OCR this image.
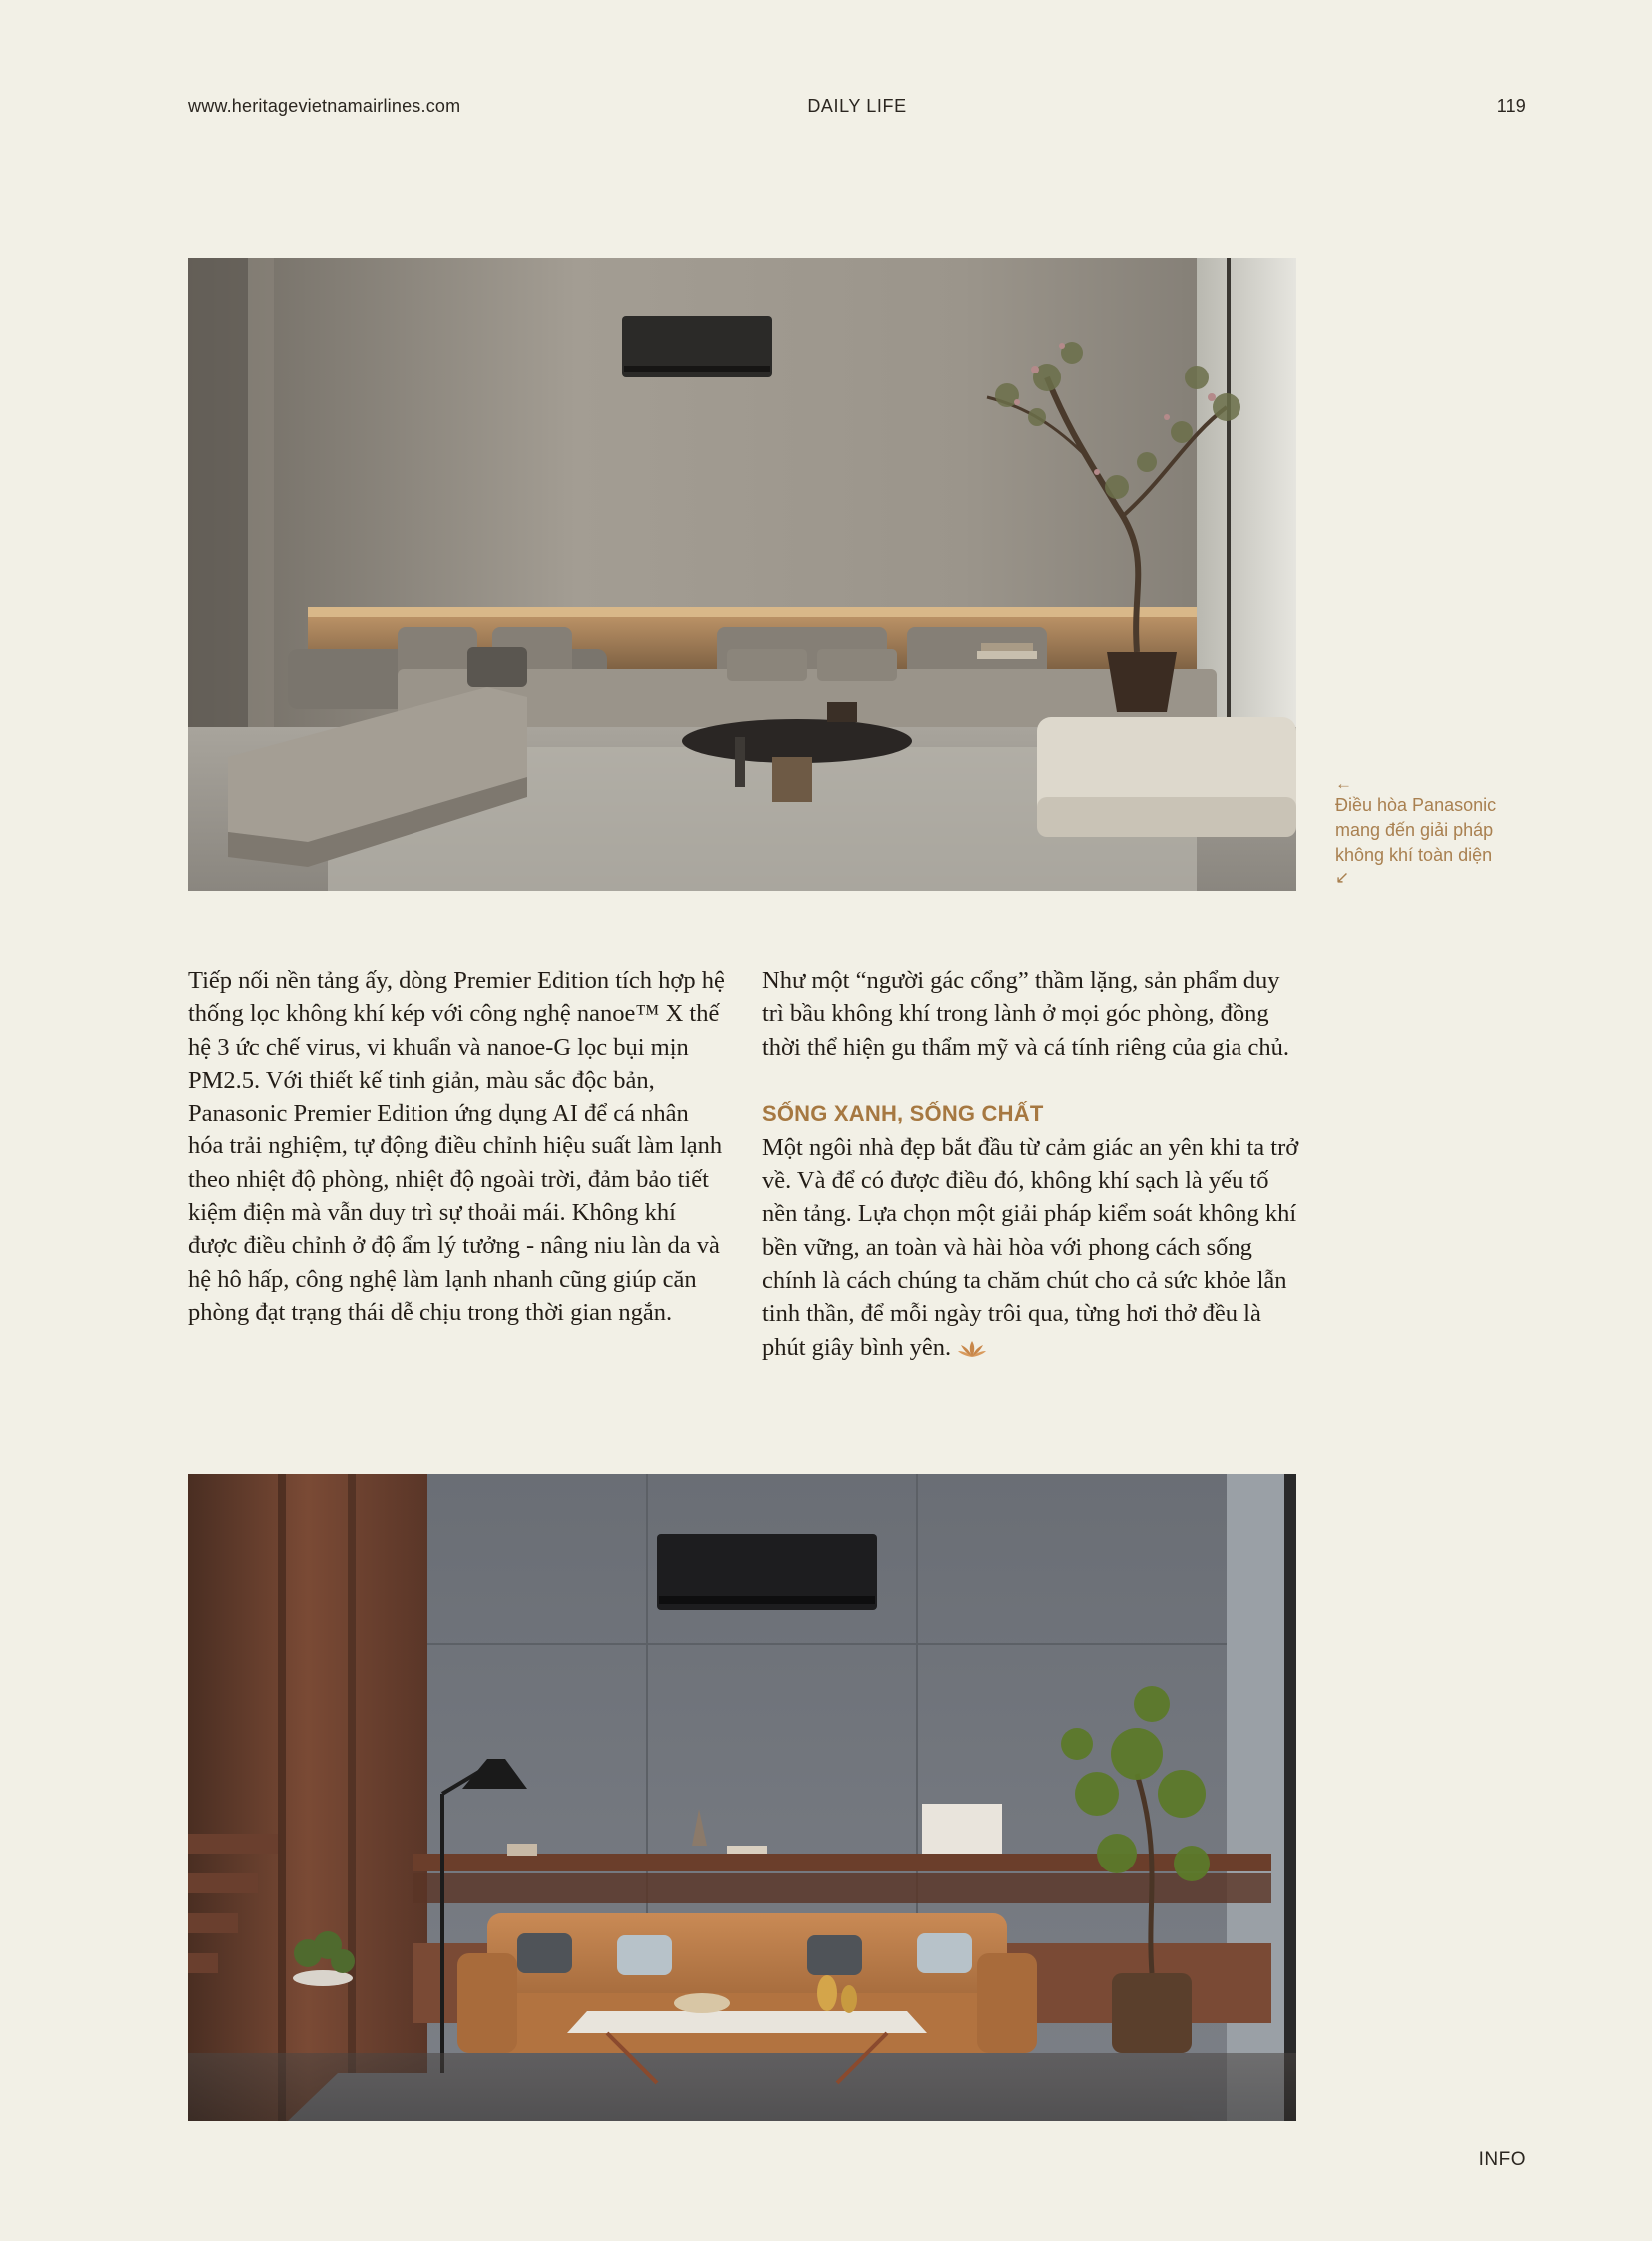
www.heritagevietnamairlines.com	DAILY LIFE	119
←
Điều hòa Panasonic mang đến giải pháp không khí toàn diện
↙

Tiếp nối nền tảng ấy, dòng Premier Edition tích hợp hệ thống lọc không khí kép với công nghệ nanoe™ X thế hệ 3 ức chế virus, vi khuẩn và nanoe-G lọc bụi mịn PM2.5. Với thiết kế tinh giản, màu sắc độc bản, Panasonic Premier Edition ứng dụng AI để cá nhân hóa trải nghiệm, tự động điều chỉnh hiệu suất làm lạnh theo nhiệt độ phòng, nhiệt độ ngoài trời, đảm bảo tiết kiệm điện mà vẫn duy trì sự thoải mái. Không khí được điều chỉnh ở độ ẩm lý tưởng - nâng niu làn da và hệ hô hấp, công nghệ làm lạnh nhanh cũng giúp căn phòng đạt trạng thái dễ chịu trong thời gian ngắn.

Như một “người gác cổng” thầm lặng, sản phẩm duy trì bầu không khí trong lành ở mọi góc phòng, đồng thời thể hiện gu thẩm mỹ và cá tính riêng của gia chủ.

SỐNG XANH, SỐNG CHẤT

Một ngôi nhà đẹp bắt đầu từ cảm giác an yên khi ta trở về. Và để có được điều đó, không khí sạch là yếu tố nền tảng. Lựa chọn một giải pháp kiểm soát không khí bền vững, an toàn và hài hòa với phong cách sống chính là cách chúng ta chăm chút cho cả sức khỏe lẫn tinh thần, để mỗi ngày trôi qua, từng hơi thở đều là phút giây bình yên.

INFO
